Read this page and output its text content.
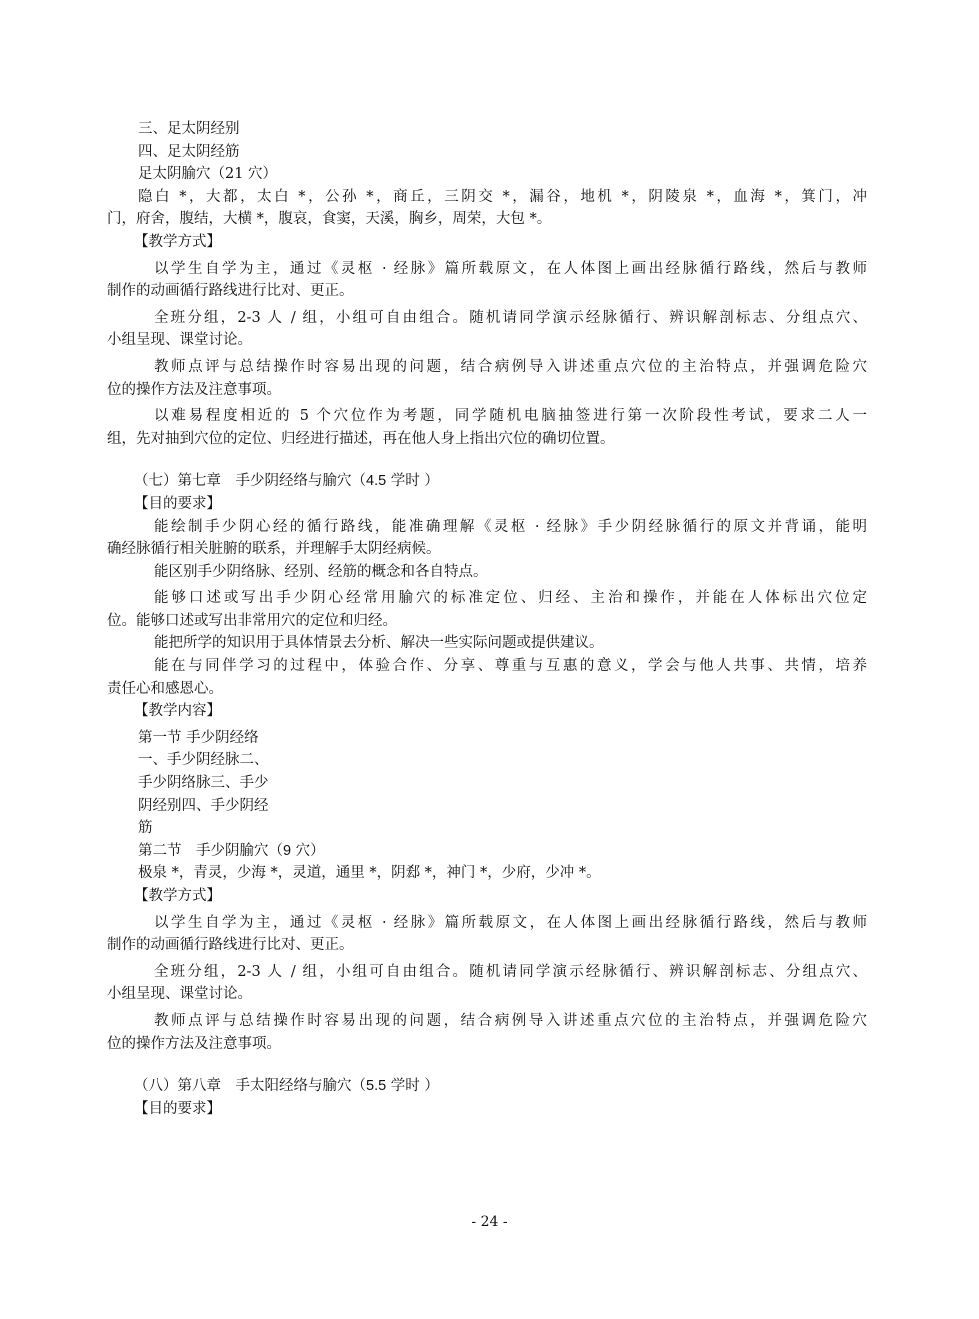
三、足太阴经别

四、足太阴经筋

足太阴腧穴（21 穴）

隐白 *，大都，太白 *，公孙 *，商丘，三阴交 *，漏谷，地机 *，阴陵泉 *，血海 *，箕门，冲

门，府舍，腹结，大横 *，腹哀，食窦，天溪，胸乡，周荣，大包 *。

【教学方式】

以学生自学为主，通过《灵枢 · 经脉》篇所载原文，在人体图上画出经脉循行路线，然后与教师

制作的动画循行路线进行比对、更正。

全班分组，2-3 人 / 组，小组可自由组合。随机请同学演示经脉循行、辨识解剖标志、分组点穴、

小组呈现、课堂讨论。

教师点评与总结操作时容易出现的问题，结合病例导入讲述重点穴位的主治特点，并强调危险穴

位的操作方法及注意事项。

以难易程度相近的 5 个穴位作为考题，同学随机电脑抽签进行第一次阶段性考试，要求二人一

组，先对抽到穴位的定位、归经进行描述，再在他人身上指出穴位的确切位置。

（七）第七章　手少阴经络与腧穴（4.5 学时 ）

【目的要求】

能绘制手少阴心经的循行路线，能准确理解《灵枢 · 经脉》手少阴经脉循行的原文并背诵，能明

确经脉循行相关脏腑的联系，并理解手太阴经病候。

能区别手少阴络脉、经别、经筋的概念和各自特点。

能够口述或写出手少阴心经常用腧穴的标准定位、归经、主治和操作，并能在人体标出穴位定

位。能够口述或写出非常用穴的定位和归经。

能把所学的知识用于具体情景去分析、解决一些实际问题或提供建议。

能在与同伴学习的过程中，体验合作、分享、尊重与互惠的意义，学会与他人共事、共情，培养

责任心和感恩心。

【教学内容】

第一节 手少阴经络

一、手少阴经脉二、

手少阴络脉三、手少

阴经别四、手少阴经

筋

第二节　手少阴腧穴（9 穴）

极泉 *，青灵，少海 *，灵道，通里 *，阴郄 *，神门 *，少府，少冲 *。

【教学方式】

以学生自学为主，通过《灵枢 · 经脉》篇所载原文，在人体图上画出经脉循行路线，然后与教师

制作的动画循行路线进行比对、更正。

全班分组，2-3 人 / 组，小组可自由组合。随机请同学演示经脉循行、辨识解剖标志、分组点穴、

小组呈现、课堂讨论。

教师点评与总结操作时容易出现的问题，结合病例导入讲述重点穴位的主治特点，并强调危险穴

位的操作方法及注意事项。

（八）第八章　手太阳经络与腧穴（5.5 学时 ）

【目的要求】

- 24 -
